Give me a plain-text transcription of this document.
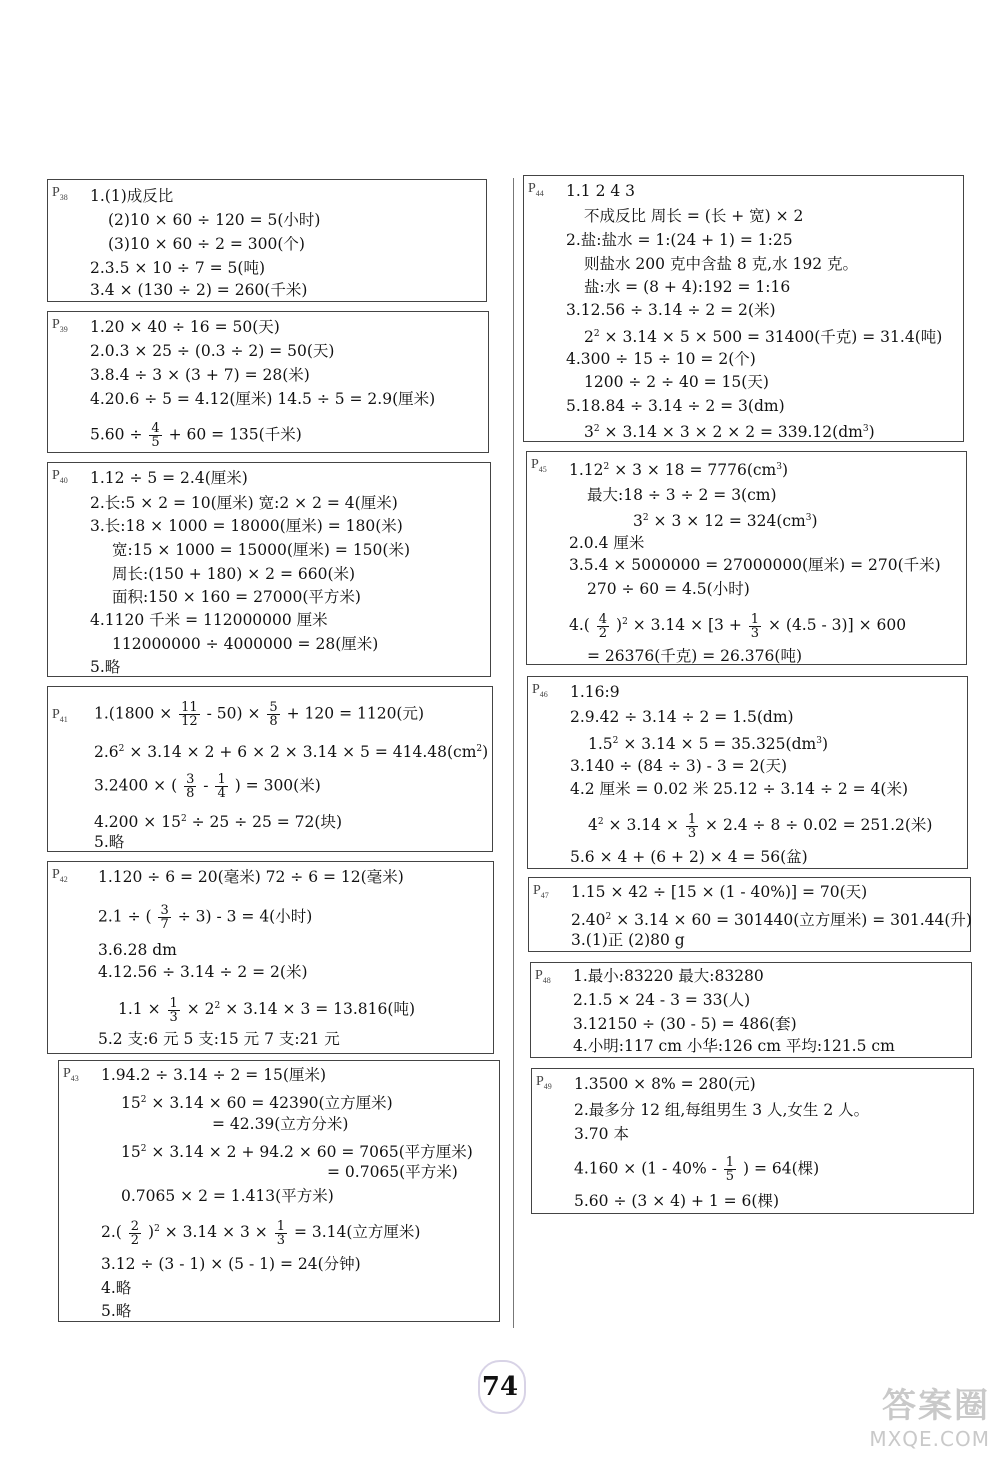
$P_{38}$ 1.(1)成反比
(2)10 × 60 ÷ 120 = 5(小时)
(3)10 × 60 ÷ 2 = 300(个)
2.3.5 × 10 ÷ 7 = 5(吨)
3.4 × (130 ÷ 2) = 260(千米)
$P_{39}$ 1.20 × 40 ÷ 16 = 50(天)
2.0.3 × 25 ÷ (0.3 ÷ 2) = 50(天)
3.8.4 ÷ 3 × (3 + 7) = 28(米)
4.20.6 ÷ 5 = 4.12(厘米) 14.5 ÷ 5 = 2.9(厘米)
$5.60 \div \frac{4}{5} + 60 = 135$(千米)
$P_{40}$ 1.12 ÷ 5 = 2.4(厘米)
2.长:5 × 2 = 10(厘米) 宽:2 × 2 = 4(厘米)
3.长:18 × 1000 = 18000(厘米) = 180(米)
宽:15 × 1000 = 15000(厘米) = 150(米)
周长:(150 + 180) × 2 = 660(米)
面积:150 × 160 = 27000(平方米)
4.1120 千米 = 112000000 厘米
112000000 ÷ 4000000 = 28(厘米)
5.略
$P_{41}$ $1.(1800 \times \frac{11}{12} - 50) \times \frac{5}{8} + 120 = 1120$(元)
$2.6^2 \times 3.14 \times 2 + 6 \times 2 \times 3.14 \times 5 = 414.48(cm^2)$
3.2400 × ( $\frac{3}{8} - \frac{1}{4}$ ) = 300(米)
$4.200 \times 15^2 \div 25 \div 25 = 72$(块)
5.略
$P_{42}$ 1.120 ÷ 6 = 20(毫米) 72 ÷ 6 = 12(毫米)
2.1 ÷ ( $\frac{3}{7} \div 3) - 3 = 4$(小时)
3.6.28 dm
4.12.56 ÷ 3.14 ÷ 2 = 2(米)
$1.1 \times \frac{1}{3} \times 2^2 \times 3.14 \times 3 = 13.816$(吨)
5.2 支:6 元 5 支:15 元 7 支:21 元
$P_{43}$ 1.94.2 ÷ 3.14 ÷ 2 = 15(厘米)
$15^2 \times 3.14 \times 60 = 42390$(立方厘米)
= 42.39(立方分米)
$15^2 \times 3.14 \times 2 + 94.2 \times 60 = 7065$(平方厘米)
= 0.7065(平方米)
0.7065 × 2 = 1.413(平方米)
$2.( \frac{2}{2} )^2 \times 3.14 \times 3 \times \frac{1}{3} = 3.14$(立方厘米)
3.12 ÷ (3 - 1) × (5 - 1) = 24(分钟)
4.略
5.略
$P_{44}$ 1.1 2 4 3
不成反比 周长 = (长 + 宽) × 2
2.盐:盐水 = 1:(24 + 1) = 1:25
则盐水 200 克中含盐 8 克,水 192 克。
盐:水 = (8 + 4):192 = 1:16
3.12.56 ÷ 3.14 ÷ 2 = 2(米)
$2^2 \times 3.14 \times 5 \times 500 = 31400$(千克) = 31.4(吨)
4.300 ÷ 15 ÷ 10 = 2(个)
1200 ÷ 2 ÷ 40 = 15(天)
5.18.84 ÷ 3.14 ÷ 2 = 3(dm)
$3^2 \times 3.14 \times 3 \times 2 \times 2 = 339.12(dm^3)$
$P_{45}$ $1.12^2 \times 3 \times 18 = 7776(cm^3)$
最大:18 ÷ 3 ÷ 2 = 3(cm)
$3^2 \times 3 \times 12 = 324(cm^3)$
2.0.4 厘米
3.5.4 × 5000000 = 27000000(厘米) = 270(千米)
270 ÷ 60 = 4.5(小时)
$4.( \frac{4}{2} )^2 \times 3.14 \times [3 + \frac{1}{3} \times (4.5 - 3)] \times 600$
= 26376(千克) = 26.376(吨)
$P_{46}$ 1.16:9
2.9.42 ÷ 3.14 ÷ 2 = 1.5(dm)
$1.5^2 \times 3.14 \times 5 = 35.325(dm^3)$
3.140 ÷ (84 ÷ 3) - 3 = 2(天)
4.2 厘米 = 0.02 米 25.12 ÷ 3.14 ÷ 2 = 4(米)
$4^2 \times 3.14 \times \frac{1}{3} \times 2.4 \div 8 \div 0.02 = 251.2$(米)
5.6 × 4 + (6 + 2) × 4 = 56(盆)
$P_{47}$ 1.15 × 42 ÷ [15 × (1 - 40%)] = 70(天)
$2.40^2 \times 3.14 \times 60 = 301440$(立方厘米) = 301.44(升)
3.(1)正 (2)80 g
$P_{48}$ 1.最小:83220 最大:83280
2.1.5 × 24 - 3 = 33(人)
3.12150 ÷ (30 - 5) = 486(套)
4.小明:117 cm 小华:126 cm 平均:121.5 cm
$P_{49}$ 1.3500 × 8% = 280(元)
2.最多分 12 组,每组男生 3 人,女生 2 人。
3.70 本
$4.160 \times (1 - 40\% - \frac{1}{5}$ ) = 64(棵)
5.60 ÷ (3 × 4) + 1 = 6(棵)
74	答案圈
MXQE.COM
